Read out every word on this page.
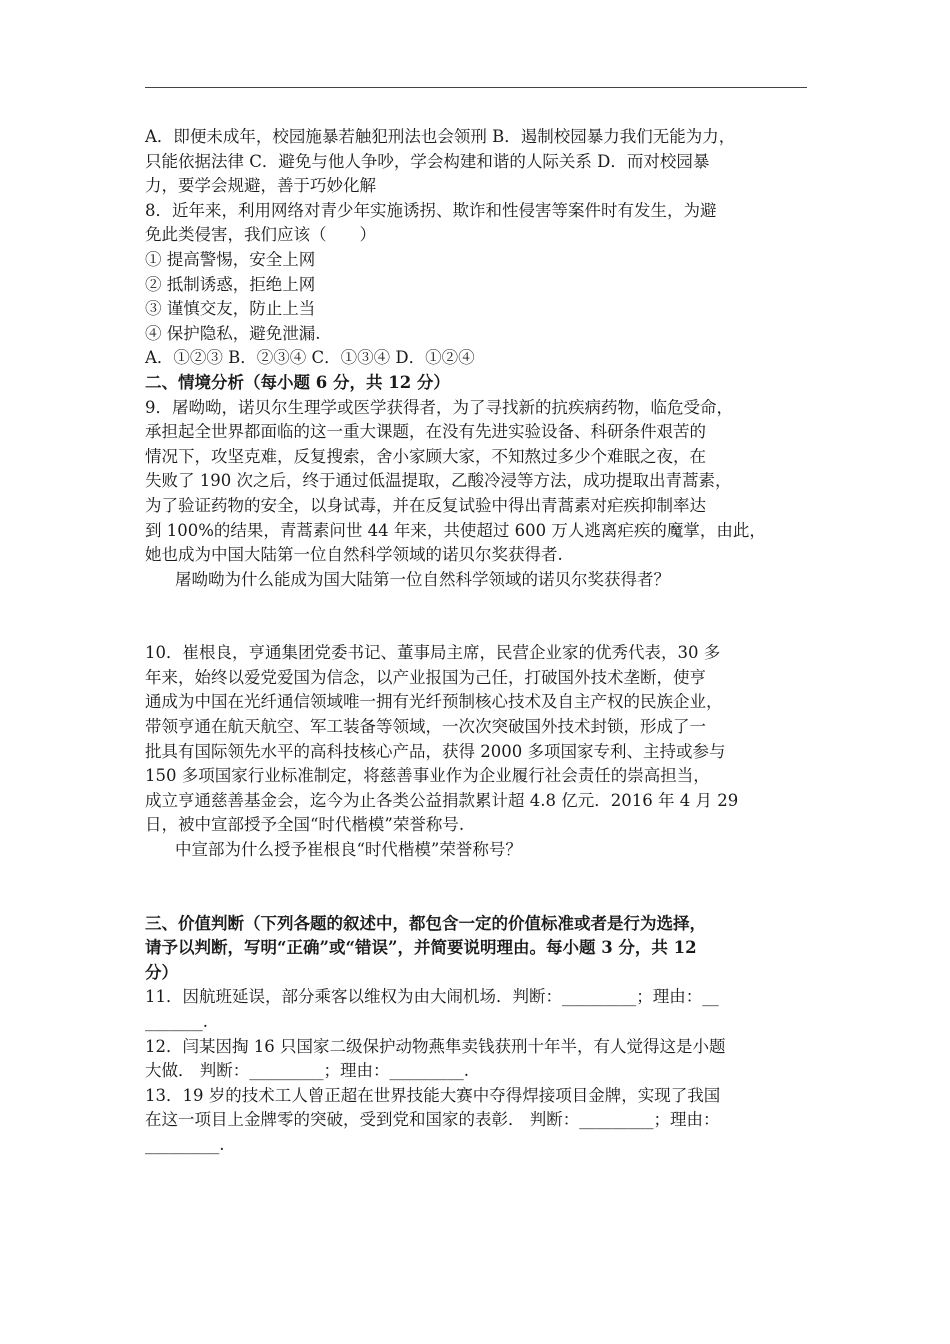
A．即便未成年，校园施暴若触犯刑法也会领刑 B．遏制校园暴力我们无能为力，
只能依据法律 C．避免与他人争吵，学会构建和谐的人际关系 D．而对校园暴
力，要学会规避，善于巧妙化解
8．近年来，利用网络对青少年实施诱拐、欺诈和性侵害等案件时有发生，为避
免此类侵害，我们应该（　　）
① 提高警惕，安全上网
② 抵制诱惑，拒绝上网
③ 谨慎交友，防止上当
④ 保护隐私，避免泄漏.
A．①②③ B．②③④ C．①③④ D．①②④
二、情境分析（每小题 6 分，共 12 分）
9．屠呦呦，诺贝尔生理学或医学获得者，为了寻找新的抗疾病药物，临危受命，
承担起全世界都面临的这一重大课题，在没有先进实验设备、科研条件艰苦的
情况下，攻坚克难，反复搜索，舍小家顾大家，不知熬过多少个难眠之夜，在
失败了 190 次之后，终于通过低温提取，乙酸冷浸等方法，成功提取出青蒿素，
为了验证药物的安全，以身试毒，并在反复试验中得出青蒿素对疟疾抑制率达
到 100%的结果，青蒿素问世 44 年来，共使超过 600 万人逃离疟疾的魔掌，由此，
她也成为中国大陆第一位自然科学领域的诺贝尔奖获得者.
屠呦呦为什么能成为国大陆第一位自然科学领域的诺贝尔奖获得者？
10．崔根良，亨通集团党委书记、董事局主席，民营企业家的优秀代表，30 多
年来，始终以爱党爱国为信念，以产业报国为己任，打破国外技术垄断，使亨
通成为中国在光纤通信领域唯一拥有光纤预制核心技术及自主产权的民族企业，
带领亨通在航天航空、军工装备等领域，一次次突破国外技术封锁，形成了一
批具有国际领先水平的高科技核心产品，获得 2000 多项国家专利、主持或参与
150 多项国家行业标准制定，将慈善事业作为企业履行社会责任的崇高担当，
成立亨通慈善基金会，迄今为止各类公益捐款累计超 4.8 亿元．2016 年 4 月 29
日，被中宣部授予全国“时代楷模”荣誉称号.
中宣部为什么授予崔根良“时代楷模”荣誉称号？
三、价值判断（下列各题的叙述中，都包含一定的价值标准或者是行为选择，
请予以判断，写明“正确”或“错误”，并简要说明理由。每小题 3 分，共 12
分）
11．因航班延误，部分乘客以维权为由大闹机场．判断：_________；理由：__
_______.
12．闫某因掏 16 只国家二级保护动物燕隼卖钱获刑十年半，有人觉得这是小题
大做． 判断：_________；理由：_________.
13．19 岁的技术工人曾正超在世界技能大赛中夺得焊接项目金牌，实现了我国
在这一项目上金牌零的突破，受到党和国家的表彰． 判断：_________；理由：
_________.
